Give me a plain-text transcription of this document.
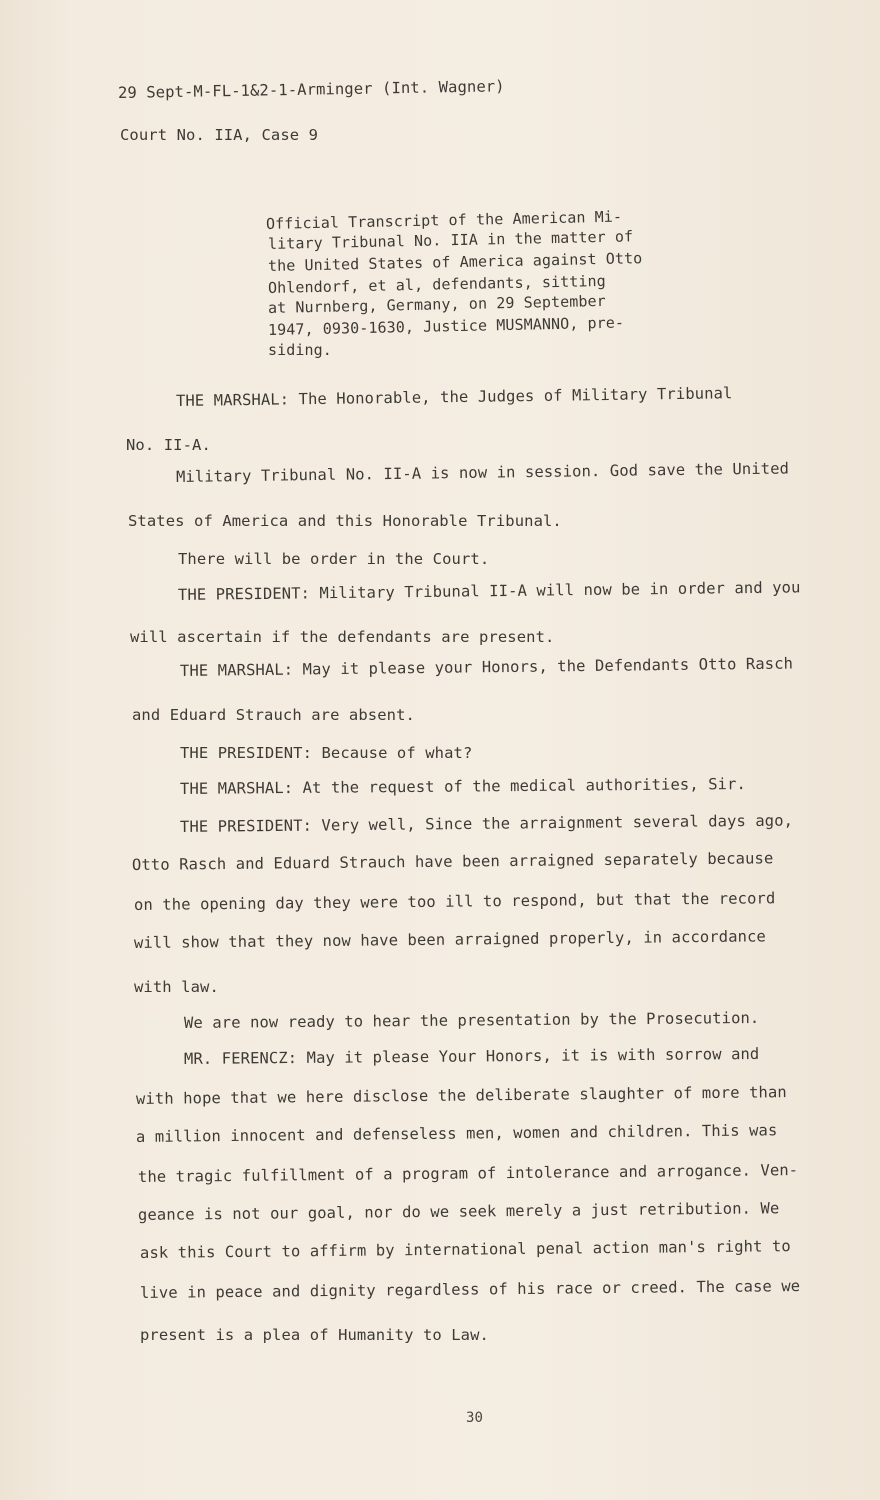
29 Sept-M-FL-1&2-1-Arminger (Int. Wagner)
Court No. IIA, Case 9
Official Transcript of the American Mi-
litary Tribunal No. IIA in the matter of
the United States of America against Otto
Ohlendorf, et al, defendants, sitting
at Nurnberg, Germany, on 29 September
1947, 0930-1630, Justice MUSMANNO, pre-
siding.
THE MARSHAL: The Honorable, the Judges of Military Tribunal
No. II-A.
Military Tribunal No. II-A is now in session. God save the United
States of America and this Honorable Tribunal.
There will be order in the Court.
THE PRESIDENT: Military Tribunal II-A will now be in order and you
will ascertain if the defendants are present.
THE MARSHAL: May it please your Honors, the Defendants Otto Rasch
and Eduard Strauch are absent.
THE PRESIDENT: Because of what?
THE MARSHAL: At the request of the medical authorities, Sir.
THE PRESIDENT: Very well, Since the arraignment several days ago,
Otto Rasch and Eduard Strauch have been arraigned separately because
on the opening day they were too ill to respond, but that the record
will show that they now have been arraigned properly, in accordance
with law.
We are now ready to hear the presentation by the Prosecution.
MR. FERENCZ: May it please Your Honors, it is with sorrow and
with hope that we here disclose the deliberate slaughter of more than
a million innocent and defenseless men, women and children. This was
the tragic fulfillment of a program of intolerance and arrogance. Ven-
geance is not our goal, nor do we seek merely a just retribution. We
ask this Court to affirm by international penal action man's right to
live in peace and dignity regardless of his race or creed. The case we
present is a plea of Humanity to Law.
30
